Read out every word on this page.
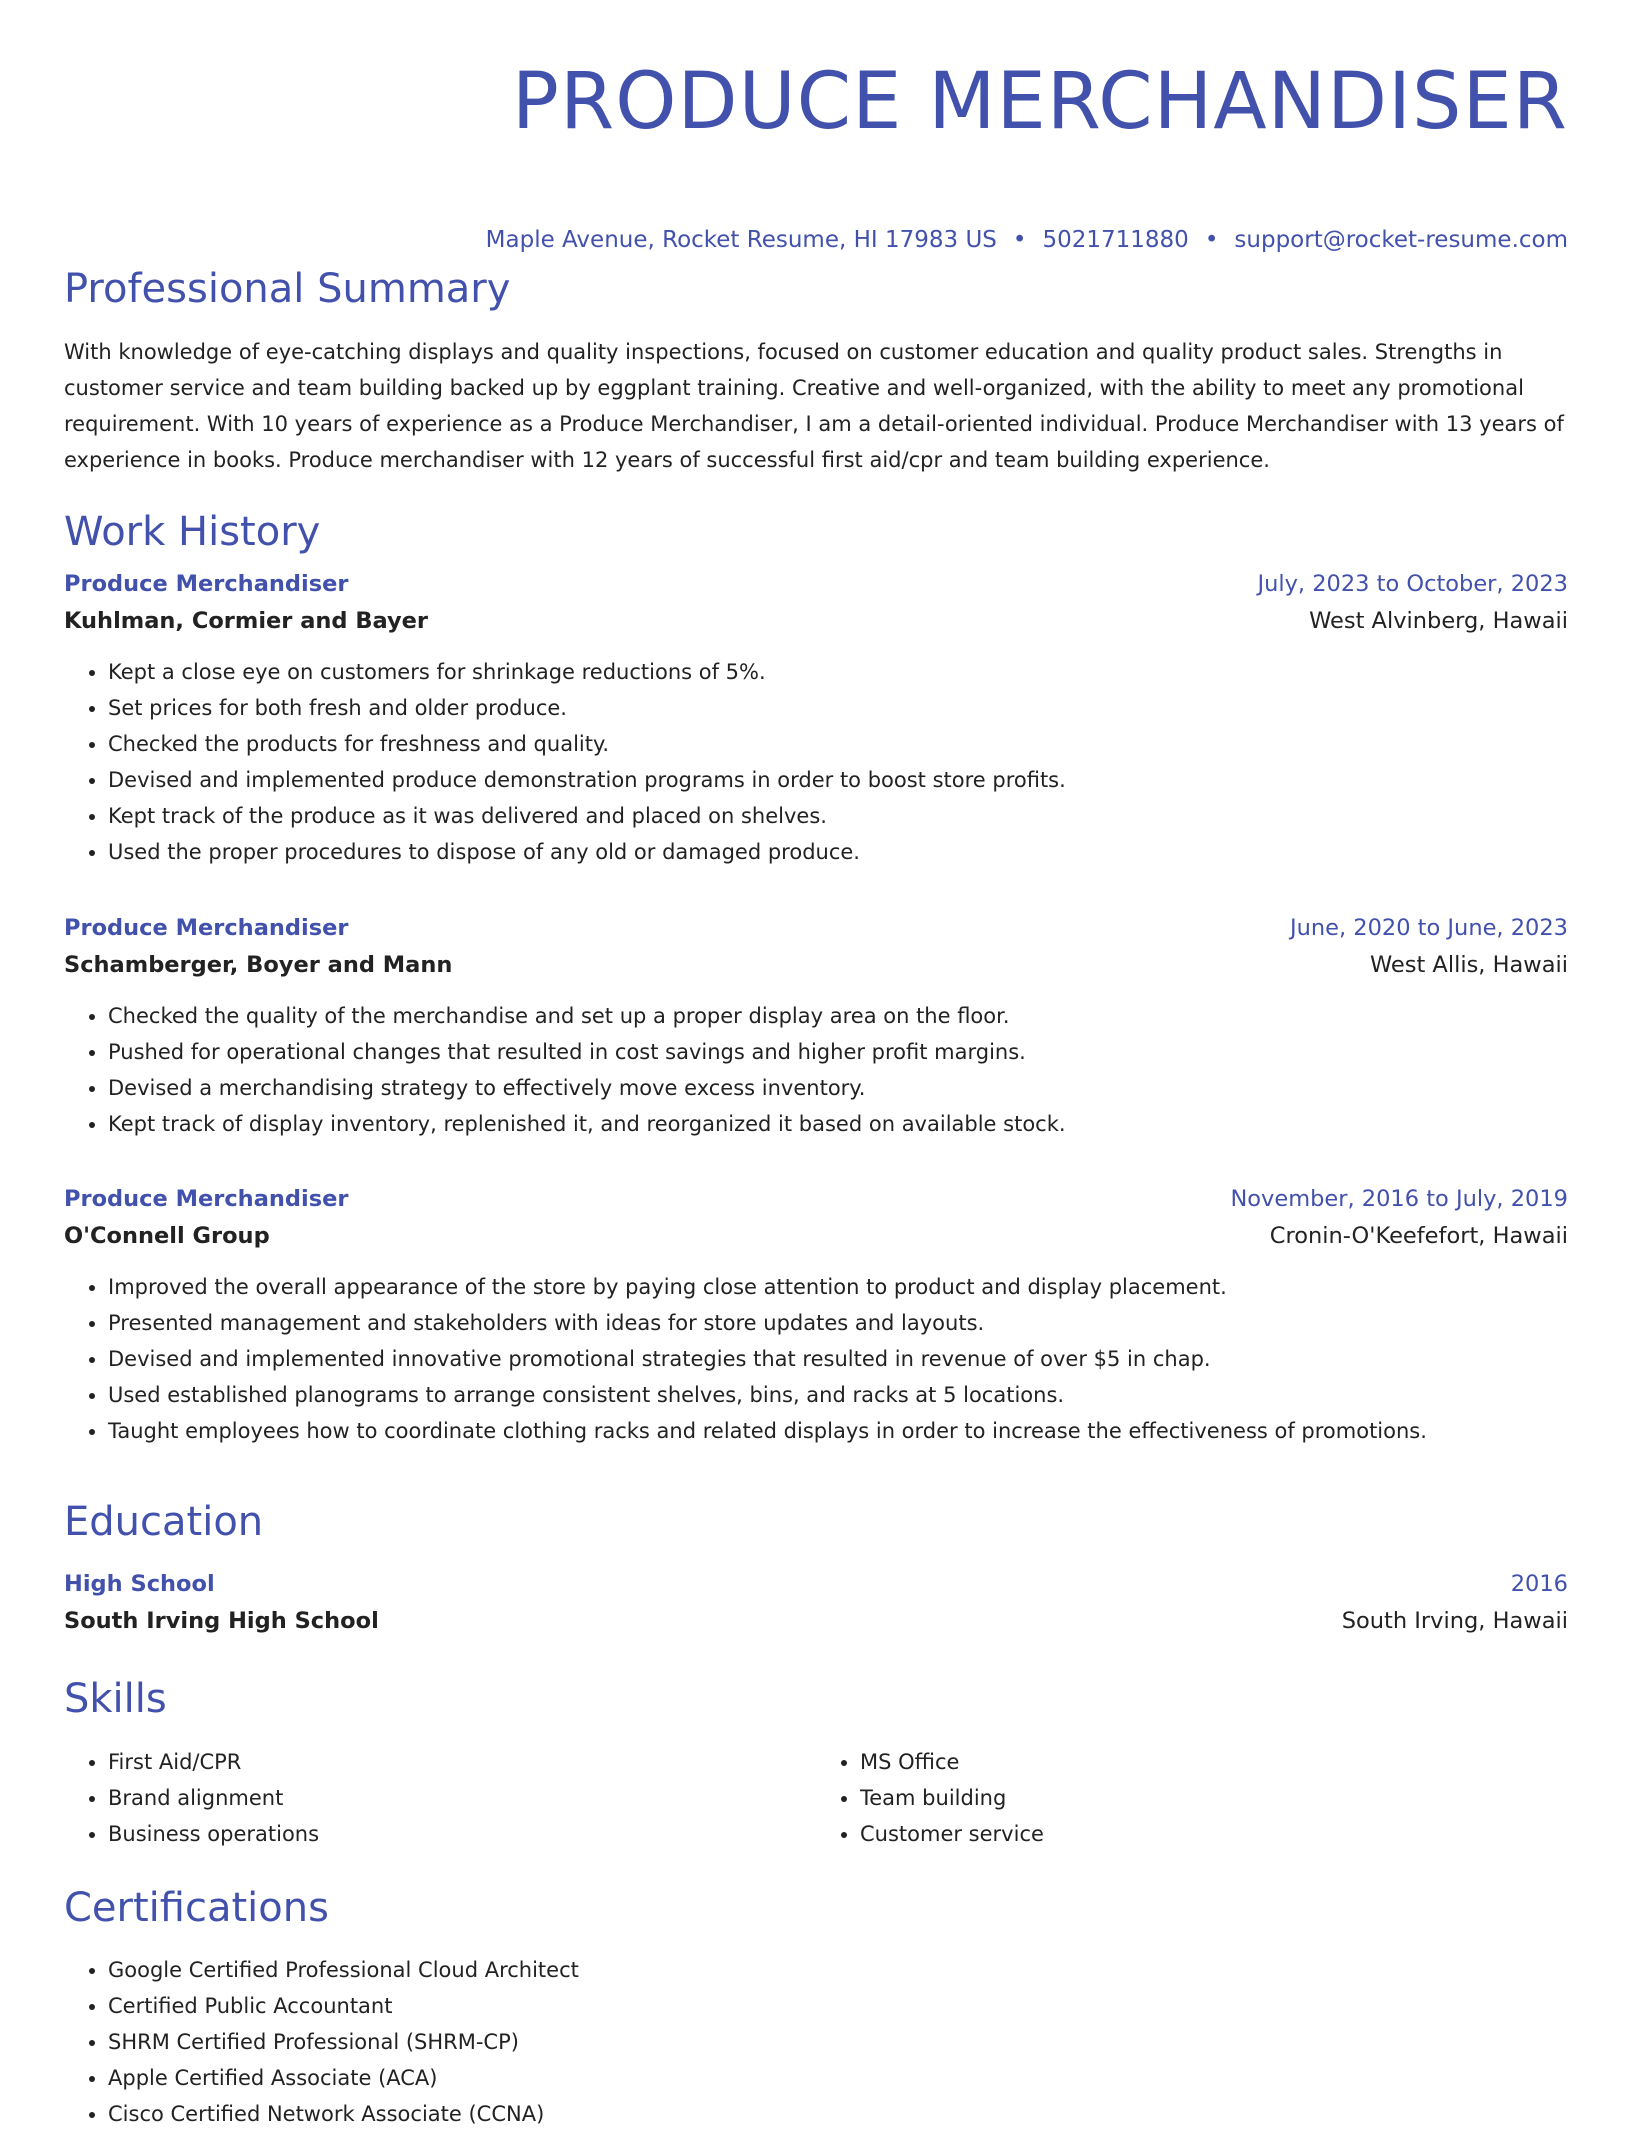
PRODUCE MERCHANDISER
Maple Avenue, Rocket Resume, HI 17983 US • 5021711880 • support@rocket-resume.com
Professional Summary

With knowledge of eye-catching displays and quality inspections, focused on customer education and quality product sales. Strengths in customer service and team building backed up by eggplant training. Creative and well-organized, with the ability to meet any promotional requirement. With 10 years of experience as a Produce Merchandiser, I am a detail-oriented individual. Produce Merchandiser with 13 years of experience in books. Produce merchandiser with 12 years of successful first aid/cpr and team building experience.

Work History
Produce Merchandiser	July, 2023 to October, 2023
Kuhlman, Cormier and Bayer	West Alvinberg, Hawaii
• Kept a close eye on customers for shrinkage reductions of 5%.
• Set prices for both fresh and older produce.
• Checked the products for freshness and quality.
• Devised and implemented produce demonstration programs in order to boost store profits.
• Kept track of the produce as it was delivered and placed on shelves.
• Used the proper procedures to dispose of any old or damaged produce.
Produce Merchandiser	June, 2020 to June, 2023
Schamberger, Boyer and Mann	West Allis, Hawaii
• Checked the quality of the merchandise and set up a proper display area on the floor.
• Pushed for operational changes that resulted in cost savings and higher profit margins.
• Devised a merchandising strategy to effectively move excess inventory.
• Kept track of display inventory, replenished it, and reorganized it based on available stock.
Produce Merchandiser	November, 2016 to July, 2019
O'Connell Group	Cronin-O'Keefefort, Hawaii
• Improved the overall appearance of the store by paying close attention to product and display placement.
• Presented management and stakeholders with ideas for store updates and layouts.
• Devised and implemented innovative promotional strategies that resulted in revenue of over $5 in chap.
• Used established planograms to arrange consistent shelves, bins, and racks at 5 locations.
• Taught employees how to coordinate clothing racks and related displays in order to increase the effectiveness of promotions.
Education
High School	2016
South Irving High School	South Irving, Hawaii
Skills
• First Aid/CPR
• Brand alignment
• Business operations
• MS Office
• Team building
• Customer service
Certifications
• Google Certified Professional Cloud Architect
• Certified Public Accountant
• SHRM Certified Professional (SHRM-CP)
• Apple Certified Associate (ACA)
• Cisco Certified Network Associate (CCNA)
